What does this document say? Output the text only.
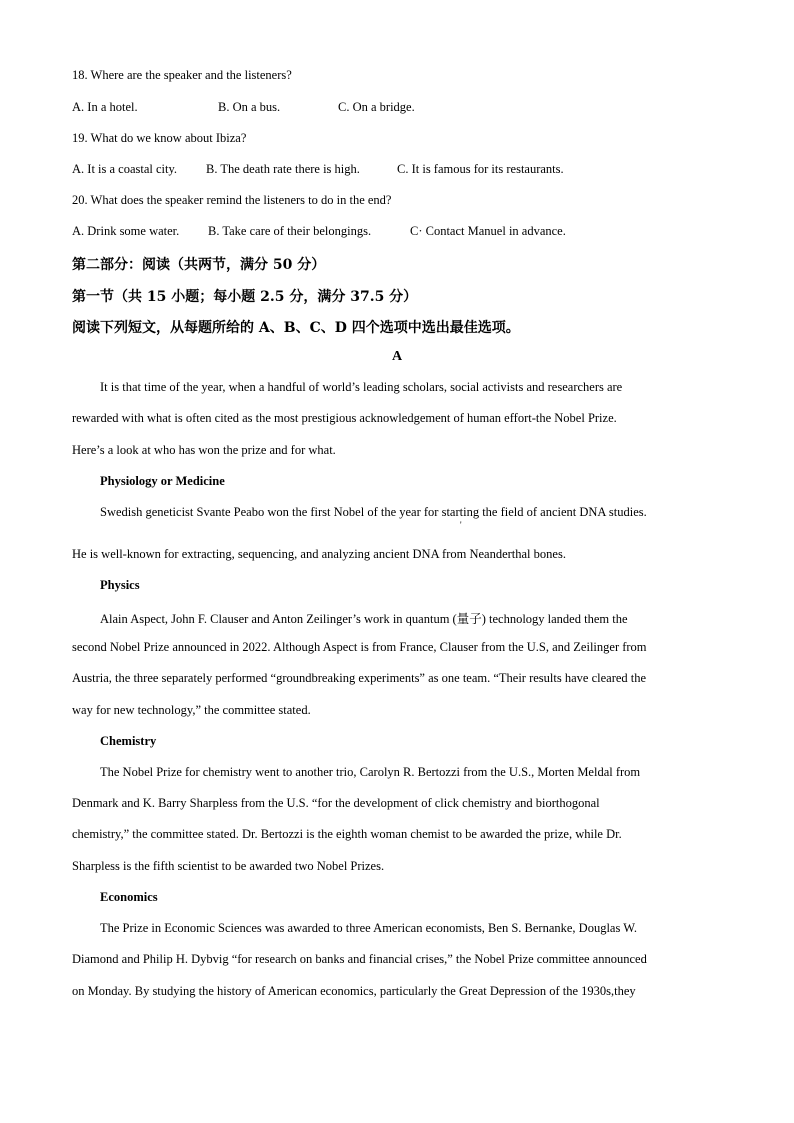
18. Where are the speaker and the listeners?
A. In a hotel.	B. On a bus.	C. On a bridge.
19. What do we know about Ibiza?
A. It is a coastal city. B. The death rate there is high.	C. It is famous for its restaurants.
20. What does the speaker remind the listeners to do in the end?
A. Drink some water. B. Take care of their belongings.	C· Contact Manuel in advance.
第二部分：阅读（共两节，满分 50 分）
第一节（共 15 小题；每小题 2.5 分，满分 37.5 分）
阅读下列短文，从每题所给的 A、B、C、D 四个选项中选出最佳选项。
A
It is that time of the year, when a handful of world’s leading scholars, social activists and researchers are
rewarded with what is often cited as the most prestigious acknowledgement of human effort-the Nobel Prize.
Here’s a look at who has won the prize and for what.
Physiology or Medicine
Swedish geneticist Svante Peabo won the first Nobel of the year for starting the field of ancient DNA studies.
'
He is well-known for extracting, sequencing, and analyzing ancient DNA from Neanderthal bones.
Physics
Alain Aspect, John F. Clauser and Anton Zeilinger’s work in quantum (量子) technology landed them the
second Nobel Prize announced in 2022. Although Aspect is from France, Clauser from the U.S, and Zeilinger from
Austria, the three separately performed “groundbreaking experiments” as one team. “Their results have cleared the
way for new technology,” the committee stated.
Chemistry
The Nobel Prize for chemistry went to another trio, Carolyn R. Bertozzi from the U.S., Morten Meldal from
Denmark and K. Barry Sharpless from the U.S. “for the development of click chemistry and biorthogonal
chemistry,” the committee stated. Dr. Bertozzi is the eighth woman chemist to be awarded the prize, while Dr.
Sharpless is the fifth scientist to be awarded two Nobel Prizes.
Economics
The Prize in Economic Sciences was awarded to three American economists, Ben S. Bernanke, Douglas W.
Diamond and Philip H. Dybvig “for research on banks and financial crises,” the Nobel Prize committee announced
on Monday. By studying the history of American economics, particularly the Great Depression of the 1930s,they
